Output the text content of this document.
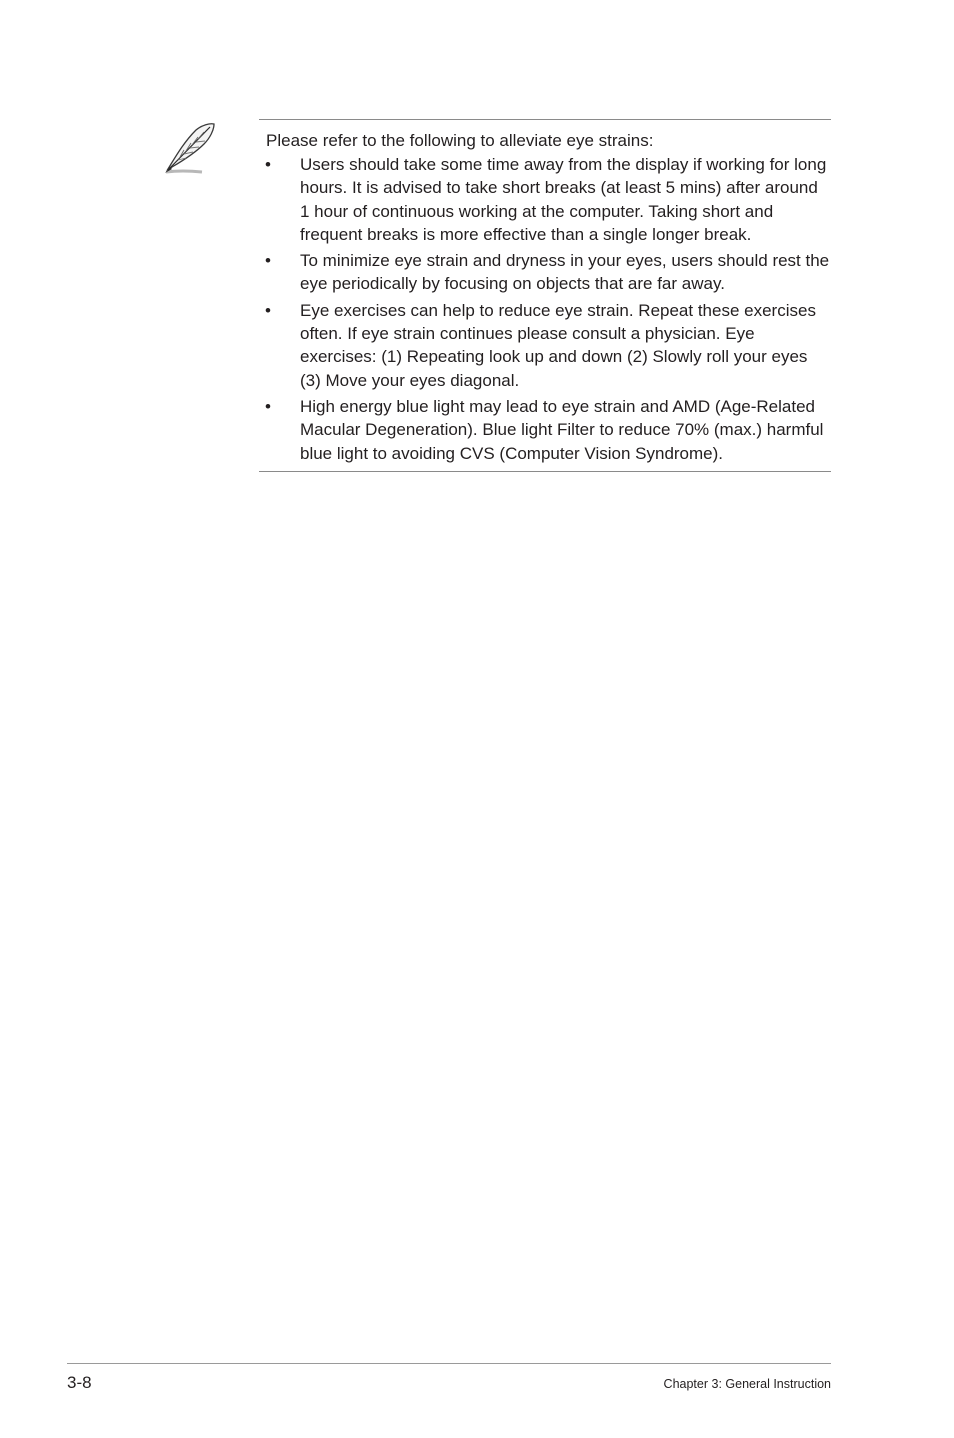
Please refer to the following to alleviate eye strains:

• Users should take some time away from the display if working for long hours. It is advised to take short breaks (at least 5 mins) after around 1 hour of continuous working at the computer. Taking short and frequent breaks is more effective than a single longer break.
• To minimize eye strain and dryness in your eyes, users should rest the eye periodically by focusing on objects that are far away.
• Eye exercises can help to reduce eye strain. Repeat these exercises often. If eye strain continues please consult a physician. Eye exercises: (1) Repeating look up and down (2) Slowly roll your eyes (3) Move your eyes diagonal.
• High energy blue light may lead to eye strain and AMD (Age-Related Macular Degeneration). Blue light Filter to reduce 70% (max.) harmful blue light to avoiding CVS (Computer Vision Syndrome).
3-8	Chapter 3: General Instruction
